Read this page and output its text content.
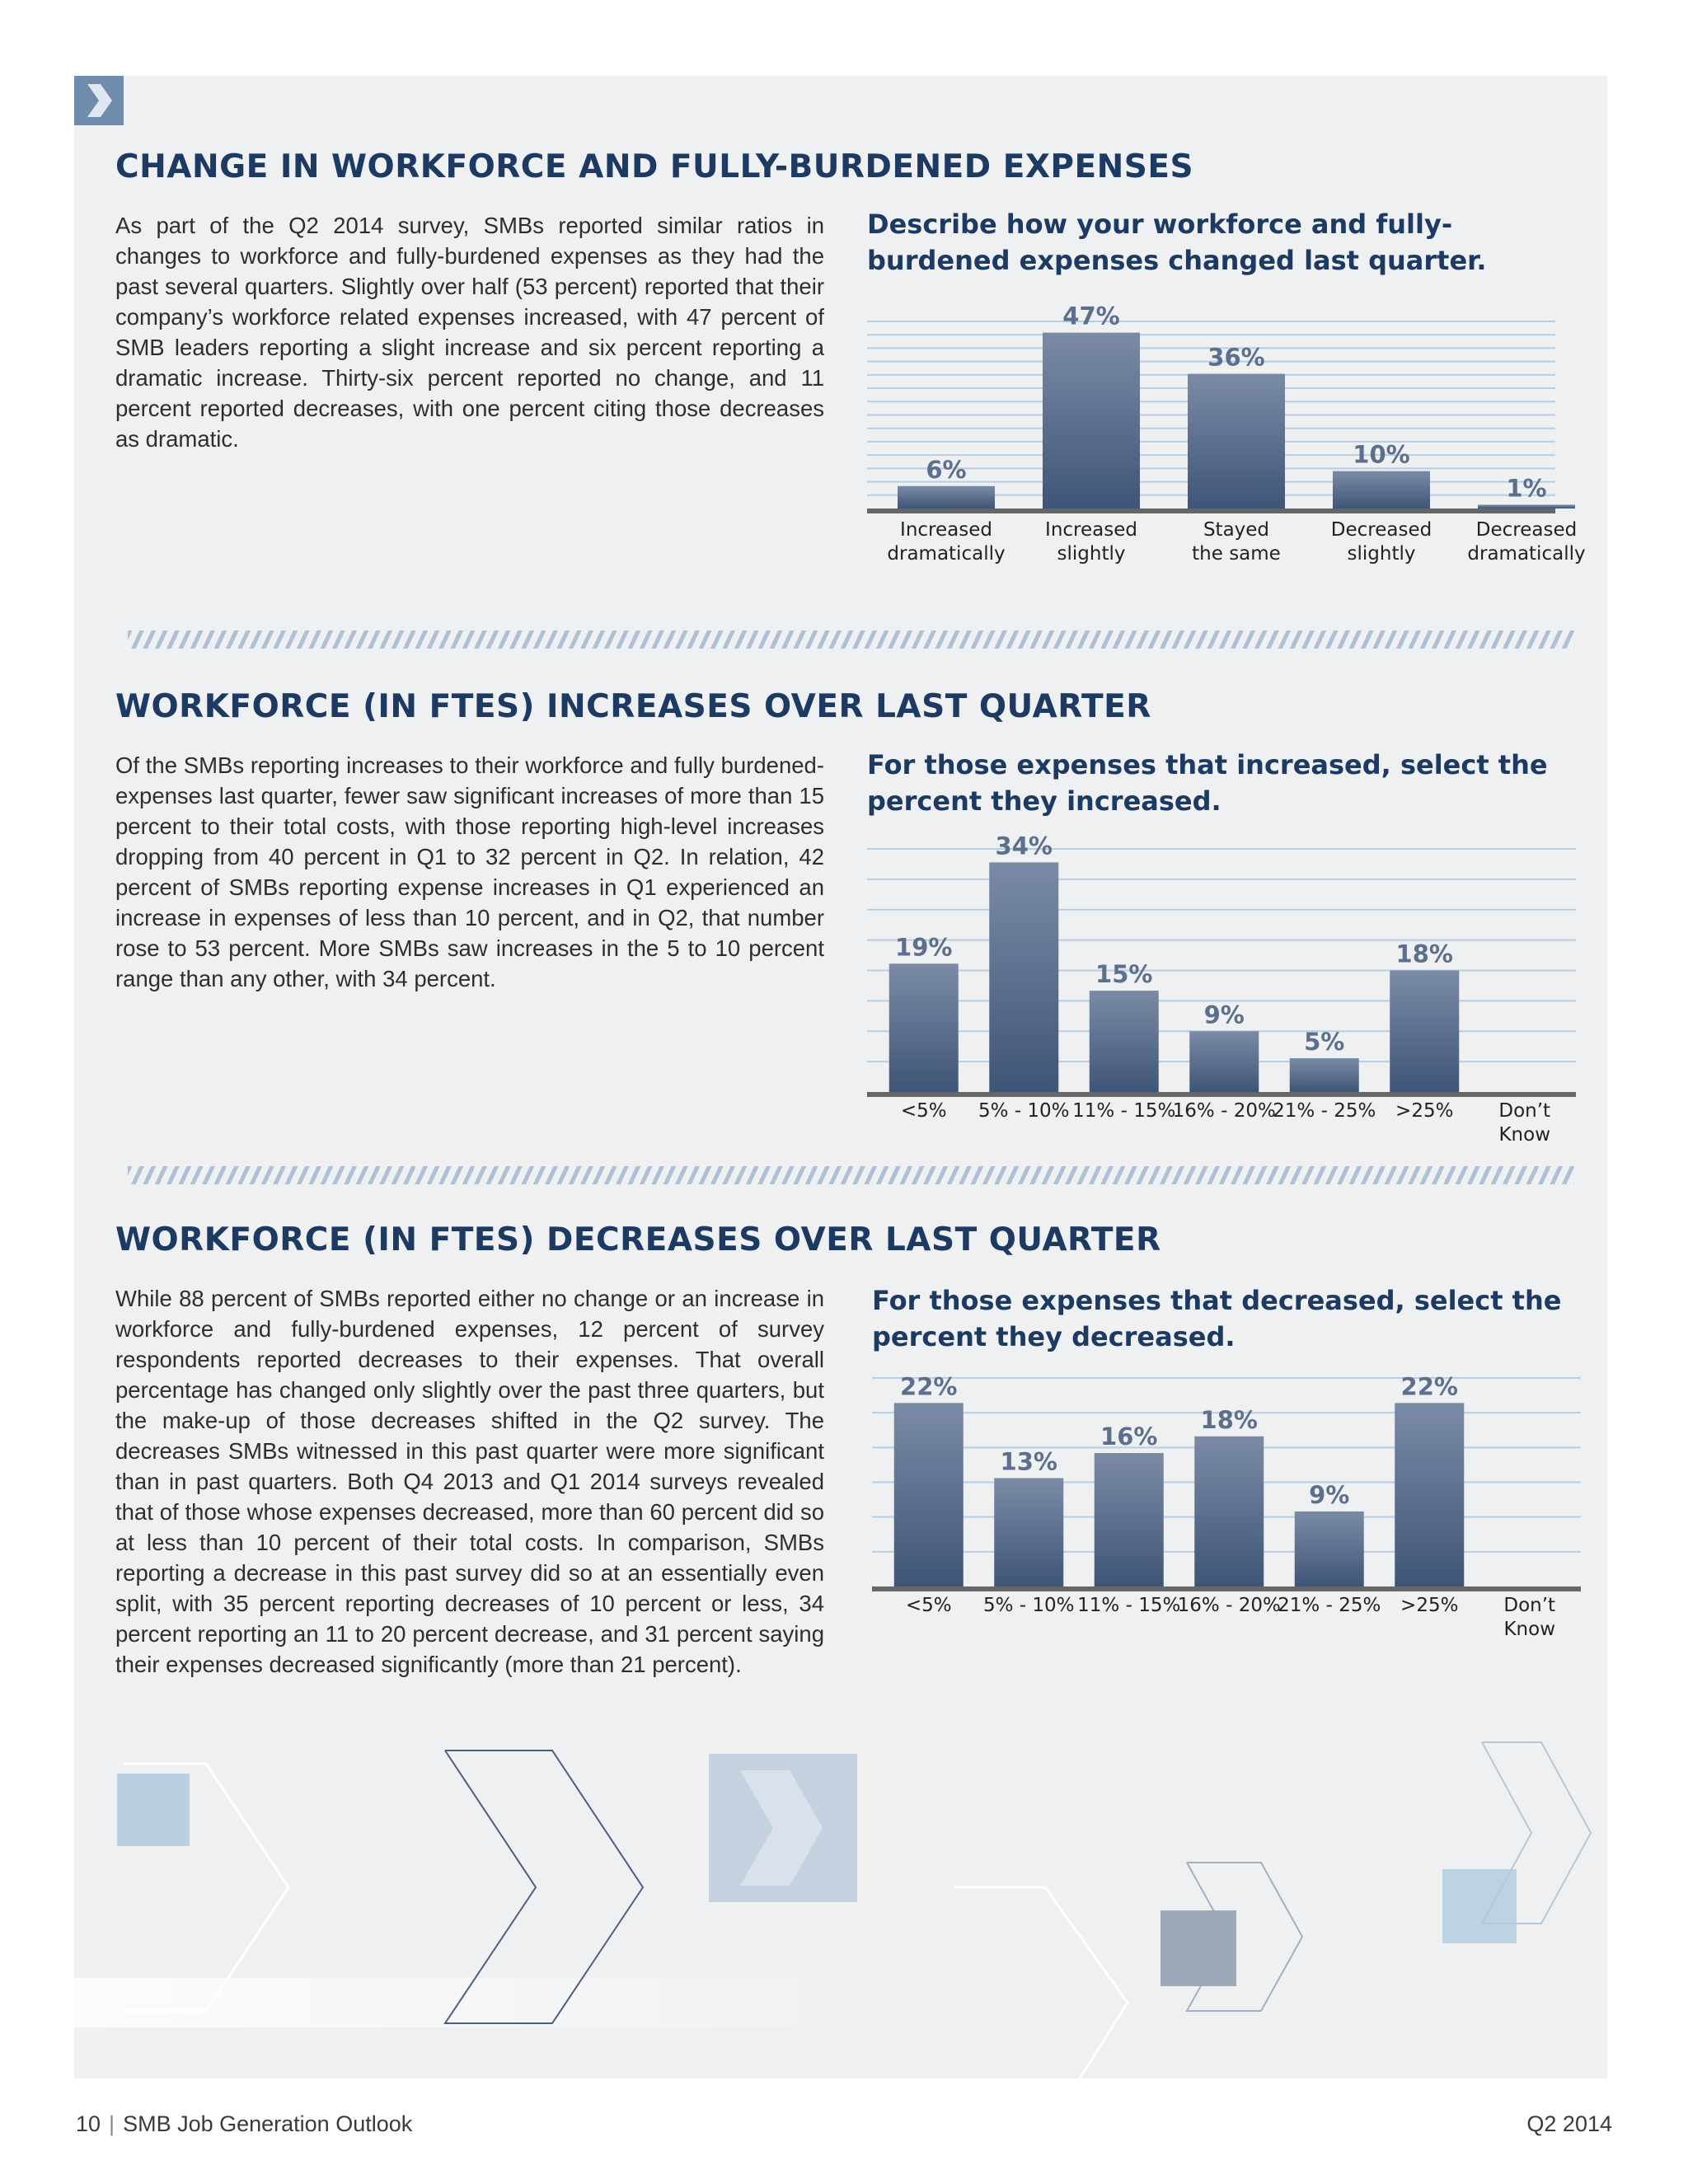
CHANGE IN WORKFORCE AND FULLY-BURDENED EXPENSES

As part of the Q2 2014 survey, SMBs reported similar ratios in changes to workforce and fully-burdened expenses as they had the past several quarters. Slightly over half (53 percent) reported that their company’s workforce related expenses increased, with 47 percent of SMB leaders reporting a slight increase and six percent reporting a dramatic increase. Thirty-six percent reported no change, and 11 percent reported decreases, with one percent citing those decreases as dramatic.

Describe how your workforce and fully-burdened expenses changed last quarter.

6%
Increased
dramatically
47%
Increased
slightly
36%
Stayed
the same
10%
Decreased
slightly
1%
Decreased
dramatically
WORKFORCE (IN FTES) INCREASES OVER LAST QUARTER

Of the SMBs reporting increases to their workforce and fully burdened-expenses last quarter, fewer saw significant increases of more than 15 percent to their total costs, with those reporting high-level increases dropping from 40 percent in Q1 to 32 percent in Q2. In relation, 42 percent of SMBs reporting expense increases in Q1 experienced an increase in expenses of less than 10 percent, and in Q2, that number rose to 53 percent. More SMBs saw increases in the 5 to 10 percent range than any other, with 34 percent.

For those expenses that increased, select the percent they increased.

19%
<5%
34%
5% - 10%
15%
11% - 15%
9%
16% - 20%
5%
21% - 25%
18%
>25% Don’t
Know
WORKFORCE (IN FTES) DECREASES OVER LAST QUARTER

While 88 percent of SMBs reported either no change or an increase in workforce and fully-burdened expenses, 12 percent of survey respondents reported decreases to their expenses. That overall percentage has changed only slightly over the past three quarters, but the make-up of those decreases shifted in the Q2 survey. The decreases SMBs witnessed in this past quarter were more significant than in past quarters. Both Q4 2013 and Q1 2014 surveys revealed that of those whose expenses decreased, more than 60 percent did so at less than 10 percent of their total costs. In comparison, SMBs reporting a decrease in this past survey did so at an essentially even split, with 35 percent reporting decreases of 10 percent or less, 34 percent reporting an 11 to 20 percent decrease, and 31 percent saying their expenses decreased significantly (more than 21 percent).

For those expenses that decreased, select the percent they decreased.

22%
<5%
13%
5% - 10%
16%
11% - 15%
18%
16% - 20%
9%
21% - 25%
22%
>25% Don’t
Know
10 | SMB Job Generation Outlook	Q2 2014
